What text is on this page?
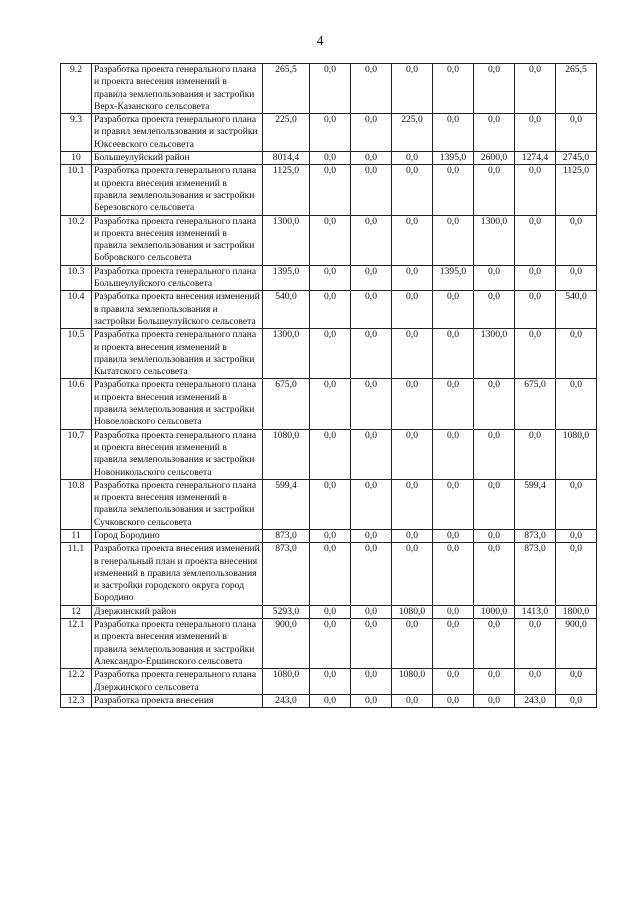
4
9.2	Разработка проекта генерального плана и проекта внесения изменений в правила землепользования и застройки Верх-Казанского сельсовета	265,5	0,0	0,0	0,0	0,0	0,0	0,0	265,5
9.3	Разработка проекта генерального плана и правил землепользования и застройки Юксеевского сельсовета	225,0	0,0	0,0	225,0	0,0	0,0	0,0	0,0
10	Большеулуйский район	8014,4	0,0	0,0	0,0	1395,0	2600,0	1274,4	2745,0
10.1	Разработка проекта генерального плана и проекта внесения изменений в правила землепользования и застройки Березовского сельсовета	1125,0	0,0	0,0	0,0	0,0	0,0	0,0	1125,0
10.2	Разработка проекта генерального плана и проекта внесения изменений в правила землепользования и застройки Бобровского сельсовета	1300,0	0,0	0,0	0,0	0,0	1300,0	0,0	0,0
10.3	Разработка проекта генерального плана Большеулуйского сельсовета	1395,0	0,0	0,0	0,0	1395,0	0,0	0,0	0,0
10.4	Разработка проекта внесения изменений в правила землепользования и застройки Большеулуйского сельсовета	540,0	0,0	0,0	0,0	0,0	0,0	0,0	540,0
10.5	Разработка проекта генерального плана и проекта внесения изменений в правила землепользования и застройки Кытатского сельсовета	1300,0	0,0	0,0	0,0	0,0	1300,0	0,0	0,0
10.6	Разработка проекта генерального плана и проекта внесения изменений в правила землепользования и застройки Новоеловского сельсовета	675,0	0,0	0,0	0,0	0,0	0,0	675,0	0,0
10.7	Разработка проекта генерального плана и проекта внесения изменений в правила землепользования и застройки Новоникольского сельсовета	1080,0	0,0	0,0	0,0	0,0	0,0	0,0	1080,0
10.8	Разработка проекта генерального плана и проекта внесения изменений в правила землепользования и застройки Сучковского сельсовета	599,4	0,0	0,0	0,0	0,0	0,0	599,4	0,0
11	Город Бородино	873,0	0,0	0,0	0,0	0,0	0,0	873,0	0,0
11.1	Разработка проекта внесения изменений в генеральный план и проекта внесения изменений в правила землепользования и застройки городского округа город Бородино	873,0	0,0	0,0	0,0	0,0	0,0	873,0	0,0
12	Дзержинский район	5293,0	0,0	0,0	1080,0	0,0	1000,0	1413,0	1800,0
12.1	Разработка проекта генерального плана и проекта внесения изменений в правила землепользования и застройки Александро-Ершинского сельсовета	900,0	0,0	0,0	0,0	0,0	0,0	0,0	900,0
12.2	Разработка проекта генерального плана Дзержинского сельсовета	1080,0	0,0	0,0	1080,0	0,0	0,0	0,0	0,0
12.3	Разработка проекта внесения	243,0	0,0	0,0	0,0	0,0	0,0	243,0	0,0
